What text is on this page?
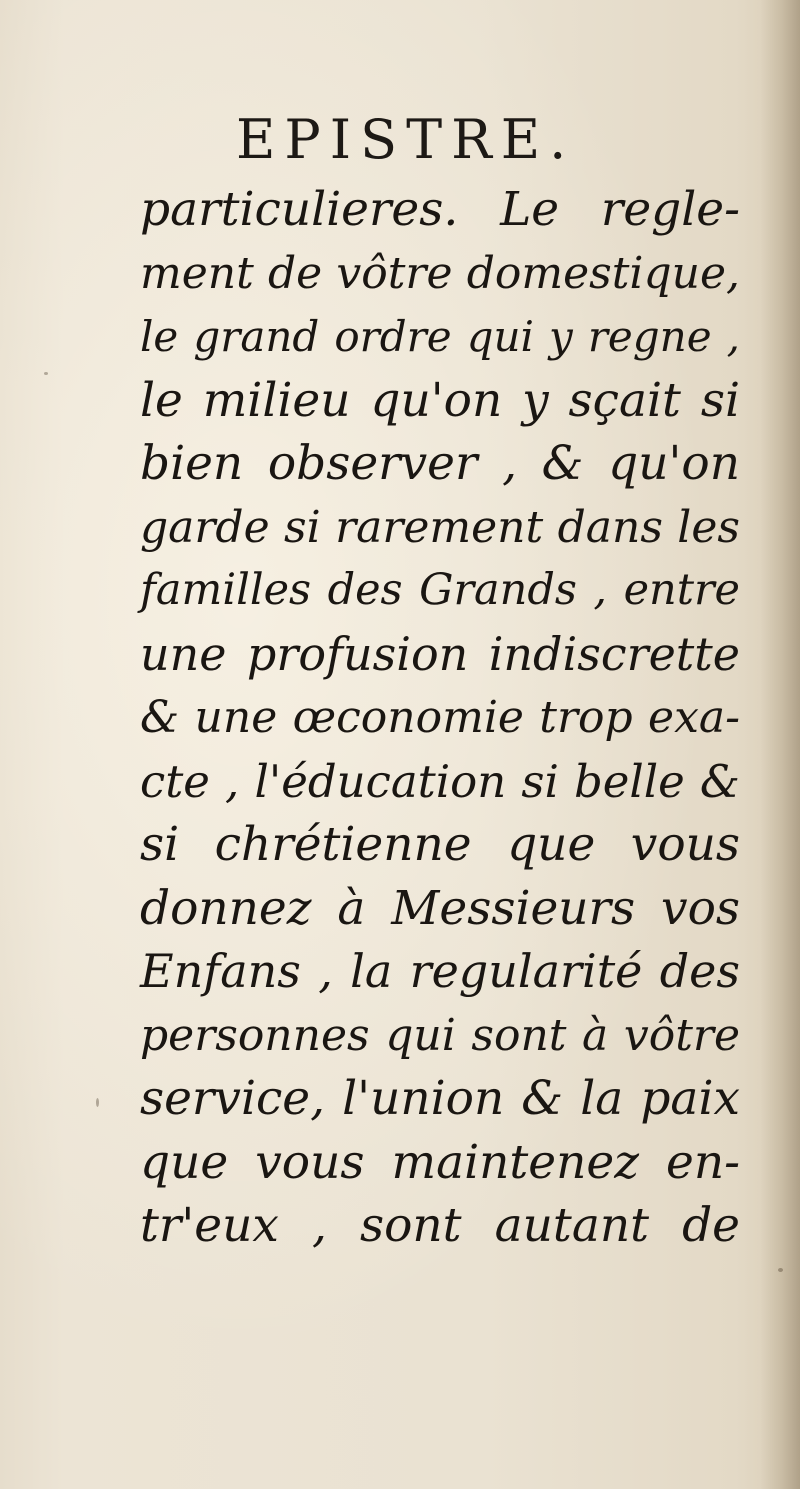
EPISTRE.
particulieres. Le regle-
ment de vôtre domestique,
le grand ordre qui y regne ,
le milieu qu'on y sçait si
bien observer , & qu'on
garde si rarement dans les
familles des Grands , entre
une profusion indiscrette
& une œconomie trop exa-
cte , l'éducation si belle &
si chrétienne que vous
donnez à Messieurs vos
Enfans , la regularité des
personnes qui sont à vôtre
service, l'union & la paix
que vous maintenez en-
tr'eux , sont autant de
